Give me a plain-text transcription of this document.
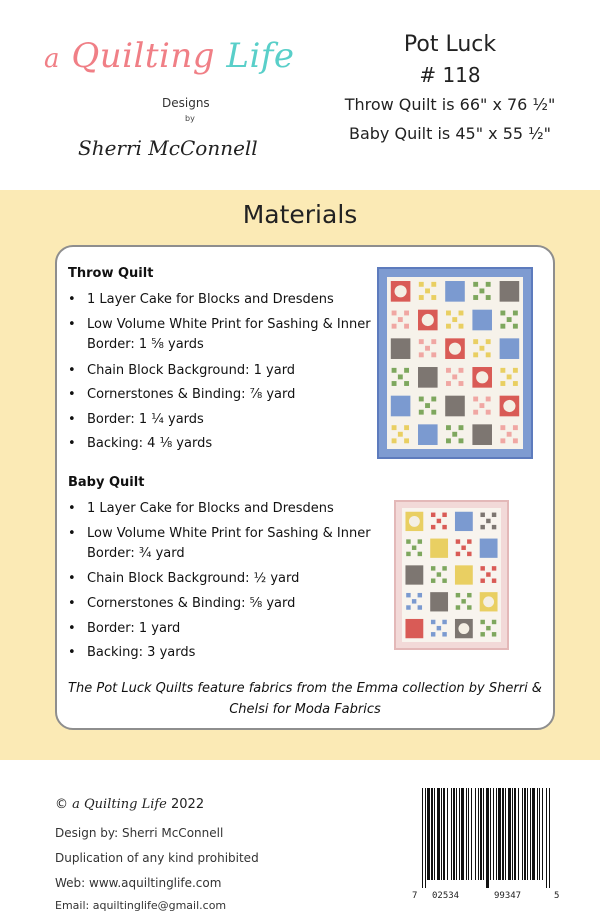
a Quilting Life
Designs
by
Sherri McConnell
Pot Luck
# 118
Throw Quilt is 66" x 76 ½"
Baby Quilt is 45" x 55 ½"
Materials
Throw Quilt
• 1 Layer Cake for Blocks and Dresdens
• Low Volume White Print for Sashing & Inner Border: 1 ⅝ yards
• Chain Block Background: 1 yard
• Cornerstones & Binding: ⅞ yard
• Border: 1 ¼ yards
• Backing: 4 ⅛ yards
Baby Quilt
• 1 Layer Cake for Blocks and Dresdens
• Low Volume White Print for Sashing & Inner Border: ¾ yard
• Chain Block Background: ½ yard
• Cornerstones & Binding: ⅝ yard
• Border: 1 yard
• Backing: 3 yards
The Pot Luck Quilts feature fabrics from the Emma collection by Sherri & Chelsi for Moda Fabrics
© a Quilting Life 2022
Design by: Sherri McConnell
Duplication of any kind prohibited
Web: www.aquiltinglife.com
Email: aquiltinglife@gmail.com
7 02534	99347	5
